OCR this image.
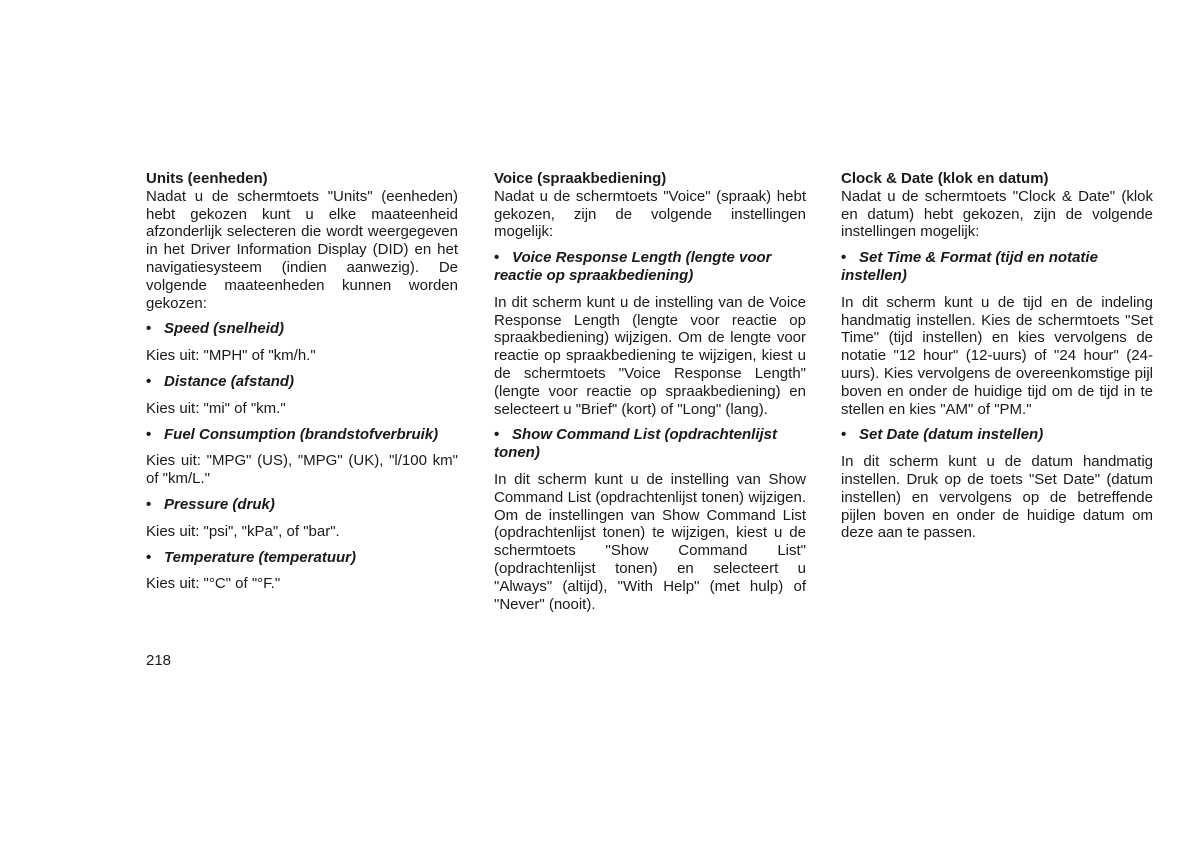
Units (eenheden)

Nadat u de schermtoets "Units" (eenheden) hebt gekozen kunt u elke maateenheid afzonderlijk selecteren die wordt weergegeven in het Driver Information Display (DID) en het navigatiesysteem (indien aanwezig). De volgende maateenheden kunnen worden gekozen:

• Speed (snelheid)

Kies uit: "MPH" of "km/h."

• Distance (afstand)

Kies uit: "mi" of "km."

• Fuel Consumption (brandstofverbruik)

Kies uit: "MPG" (US), "MPG" (UK), "l/100 km" of "km/L."

• Pressure (druk)

Kies uit: "psi", "kPa", of "bar".

• Temperature (temperatuur)

Kies uit: "°C" of "°F."

Voice (spraakbediening)

Nadat u de schermtoets "Voice" (spraak) hebt gekozen, zijn de volgende instellingen mogelijk:

• Voice Response Length (lengte voor reactie op spraakbediening)

In dit scherm kunt u de instelling van de Voice Response Length (lengte voor reactie op spraakbediening) wijzigen. Om de lengte voor reactie op spraakbediening te wijzigen, kiest u de schermtoets "Voice Response Length" (lengte voor reactie op spraakbediening) en selecteert u "Brief" (kort) of "Long" (lang).

• Show Command List (opdrachtenlijst tonen)

In dit scherm kunt u de instelling van Show Command List (opdrachtenlijst tonen) wijzigen. Om de instellingen van Show Command List (opdrachtenlijst tonen) te wijzigen, kiest u de schermtoets "Show Command List" (opdrachtenlijst tonen) en selecteert u "Always" (altijd), "With Help" (met hulp) of "Never" (nooit).

Clock & Date (klok en datum)

Nadat u de schermtoets "Clock & Date" (klok en datum) hebt gekozen, zijn de volgende instellingen mogelijk:

• Set Time & Format (tijd en notatie instellen)

In dit scherm kunt u de tijd en de indeling handmatig instellen. Kies de schermtoets "Set Time" (tijd instellen) en kies vervolgens de notatie "12 hour" (12-uurs) of "24 hour" (24-uurs). Kies vervolgens de overeenkomstige pijl boven en onder de huidige tijd om de tijd in te stellen en kies "AM" of "PM."

• Set Date (datum instellen)

In dit scherm kunt u de datum handmatig instellen. Druk op de toets "Set Date" (datum instellen) en vervolgens op de betreffende pijlen boven en onder de huidige datum om deze aan te passen.

218
